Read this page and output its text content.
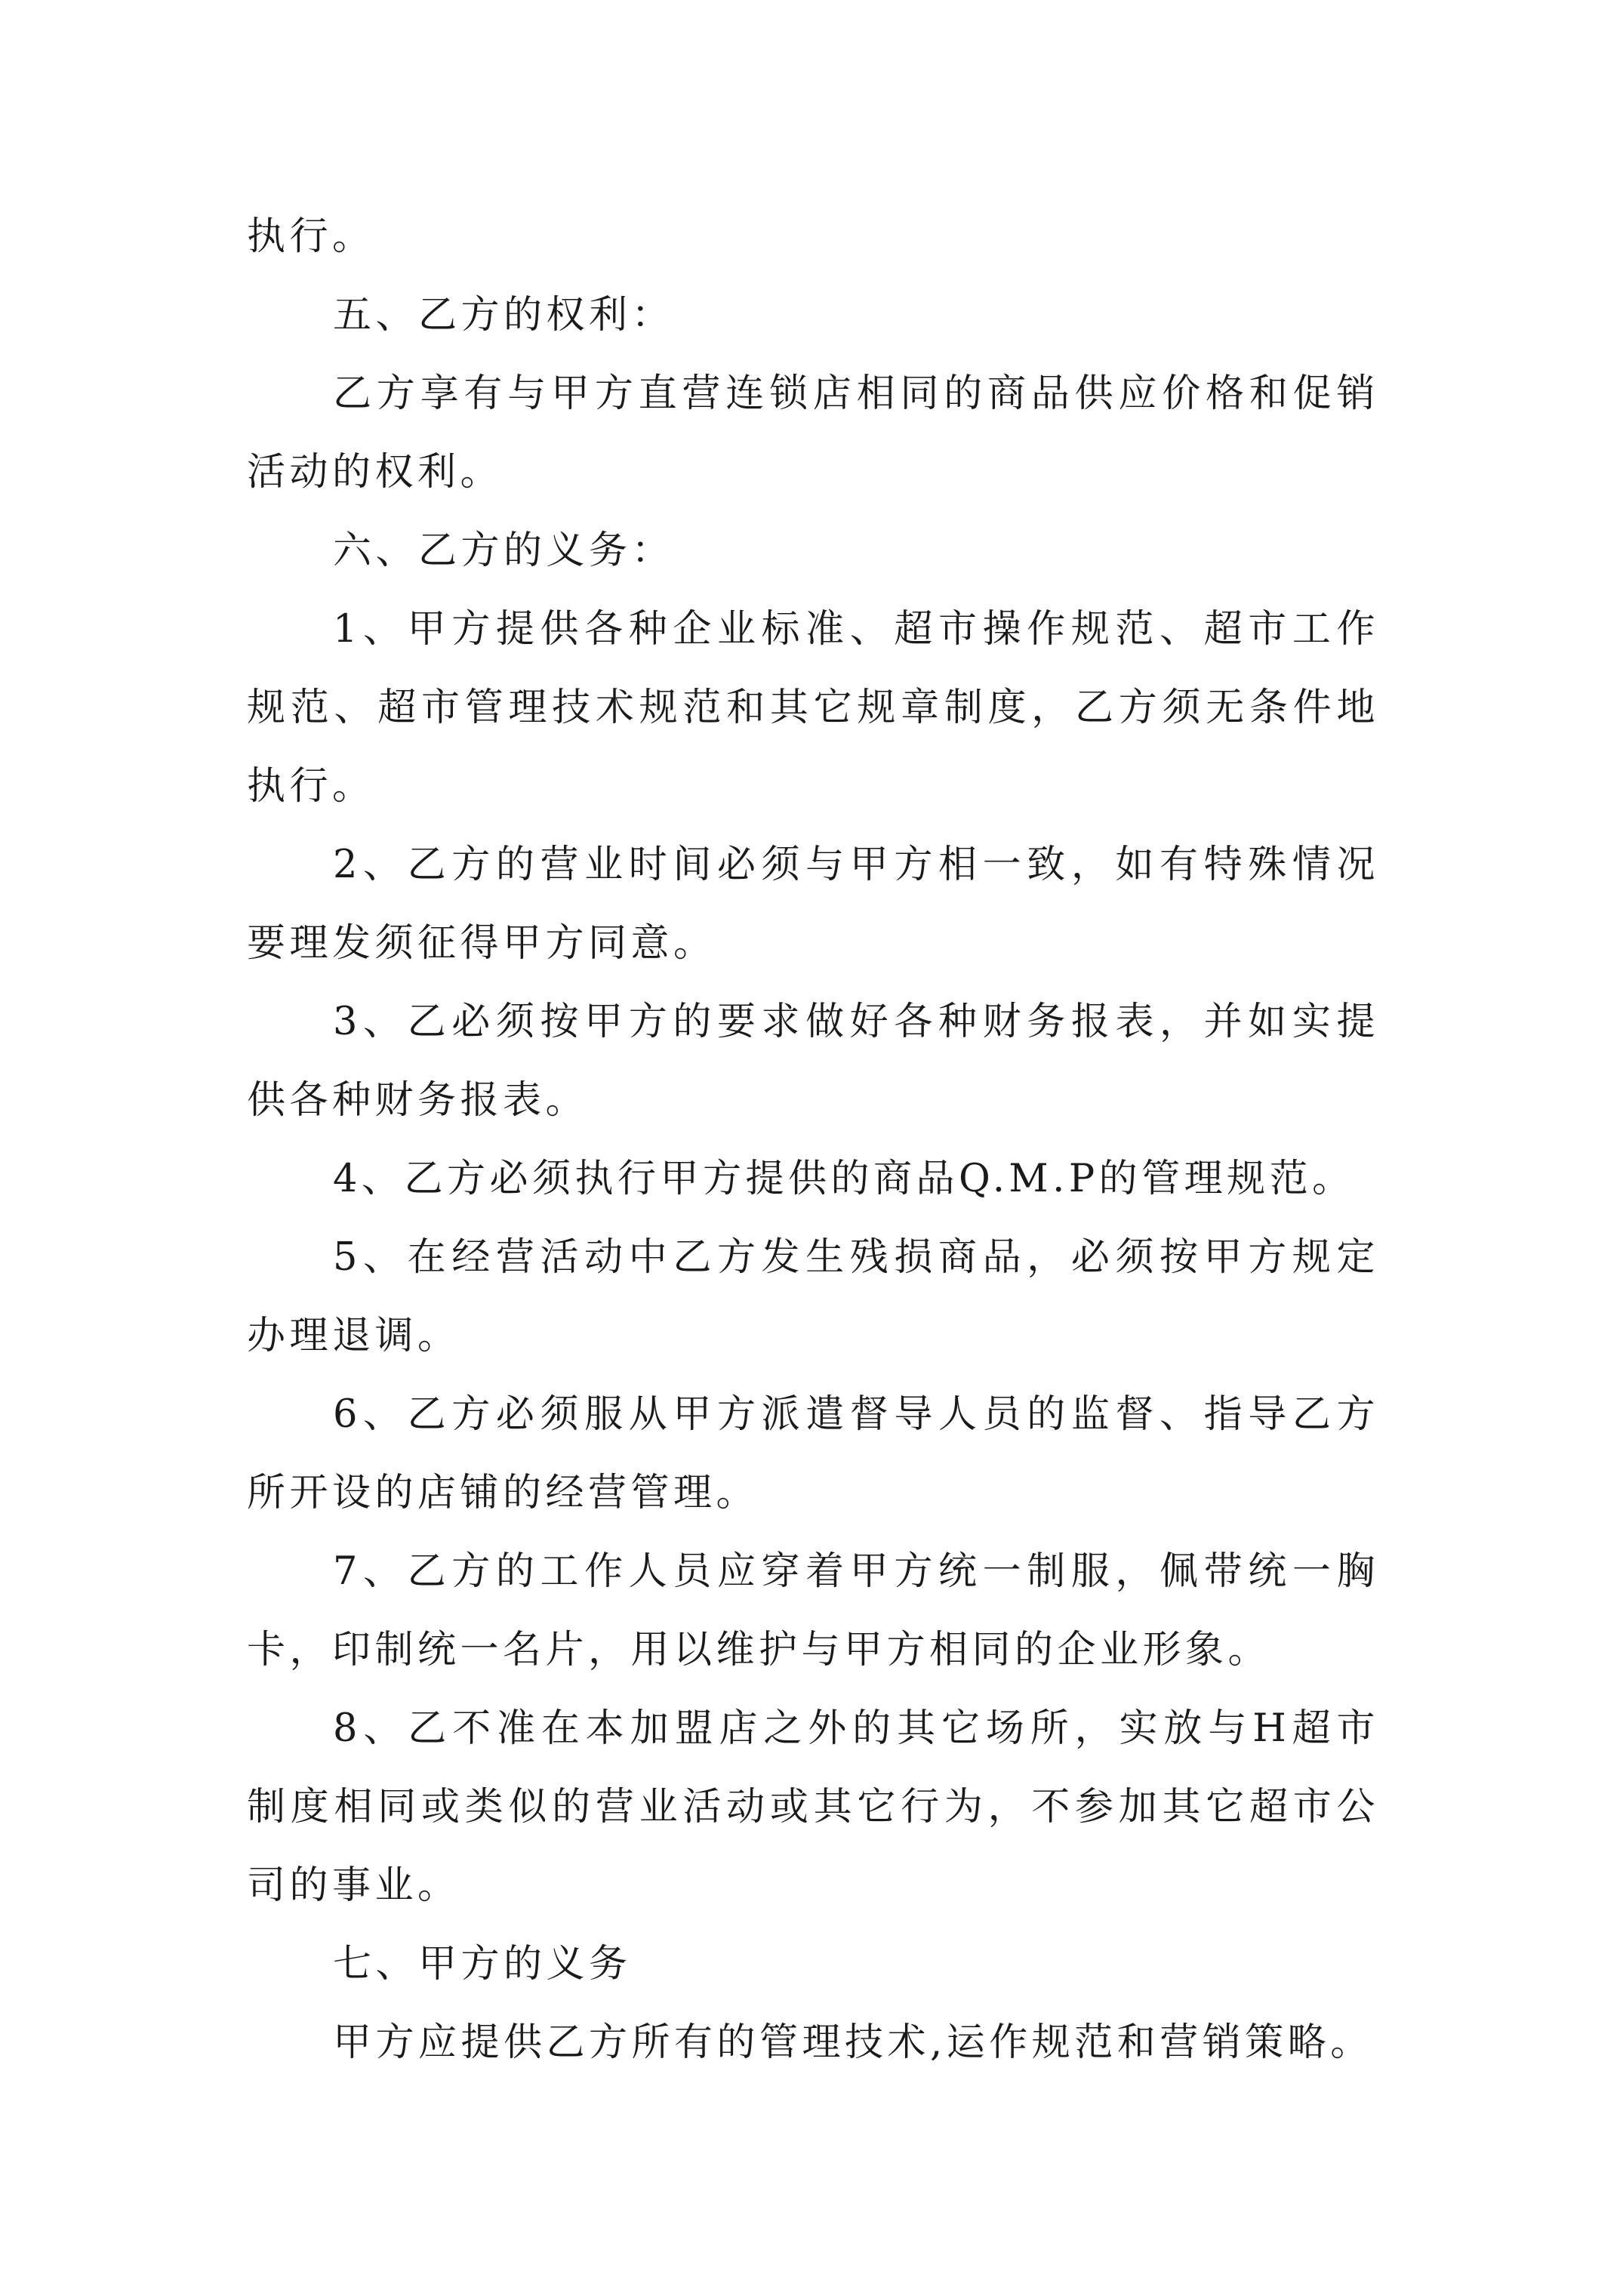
执行。

五、乙方的权利：

乙方享有与甲方直营连锁店相同的商品供应价格和促销活动的权利。

六、乙方的义务：

1、甲方提供各种企业标准、超市操作规范、超市工作规范、超市管理技术规范和其它规章制度，乙方须无条件地执行。

2、乙方的营业时间必须与甲方相一致，如有特殊情况要理发须征得甲方同意。

3、乙必须按甲方的要求做好各种财务报表，并如实提供各种财务报表。

4、乙方必须执行甲方提供的商品Q.M.P的管理规范。

5、在经营活动中乙方发生残损商品，必须按甲方规定办理退调。

6、乙方必须服从甲方派遣督导人员的监督、指导乙方所开设的店铺的经营管理。

7、乙方的工作人员应穿着甲方统一制服，佩带统一胸卡，印制统一名片，用以维护与甲方相同的企业形象。

8、乙不准在本加盟店之外的其它场所，实放与H超市制度相同或类似的营业活动或其它行为，不参加其它超市公司的事业。

七、甲方的义务

甲方应提供乙方所有的管理技术,运作规范和营销策略。
